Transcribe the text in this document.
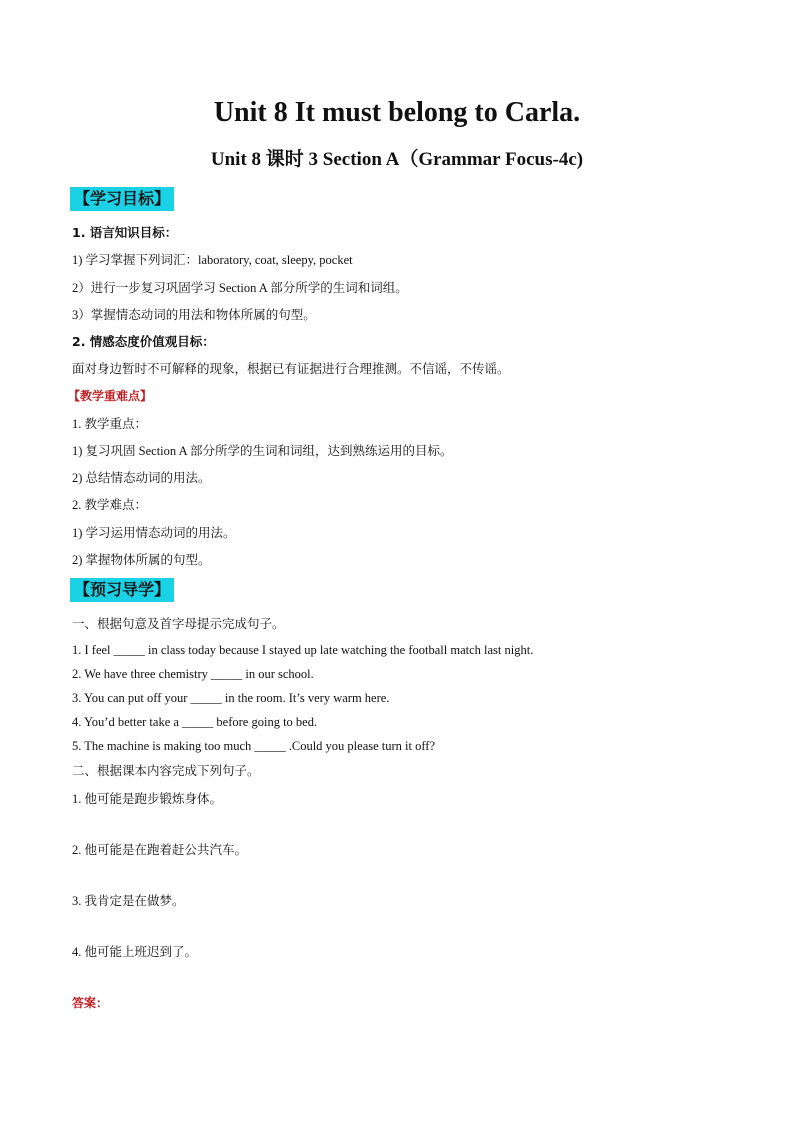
Unit 8 It must belong to Carla.
Unit 8 课时 3 Section A（Grammar Focus-4c)
【学习目标】
1. 语言知识目标：
1) 学习掌握下列词汇：laboratory, coat, sleepy, pocket
2）进行一步复习巩固学习 Section A 部分所学的生词和词组。
3）掌握情态动词的用法和物体所属的句型。
2. 情感态度价值观目标：
面对身边暂时不可解释的现象，根据已有证据进行合理推测。不信谣，不传谣。
【教学重难点】
1. 教学重点：
1) 复习巩固 Section A 部分所学的生词和词组，达到熟练运用的目标。
2) 总结情态动词的用法。
2. 教学难点：
1) 学习运用情态动词的用法。
2) 掌握物体所属的句型。
【预习导学】
一、根据句意及首字母提示完成句子。
1. I feel _____ in class today because I stayed up late watching the football match last night.
2. We have three chemistry _____ in our school.
3. You can put off your _____ in the room. It’s very warm here.
4. You’d better take a _____ before going to bed.
5. The machine is making too much _____ .Could you please turn it off?
二、根据课本内容完成下列句子。
1. 他可能是跑步锻炼身体。
2. 他可能是在跑着赶公共汽车。
3. 我肯定是在做梦。
4. 他可能上班迟到了。
答案：
